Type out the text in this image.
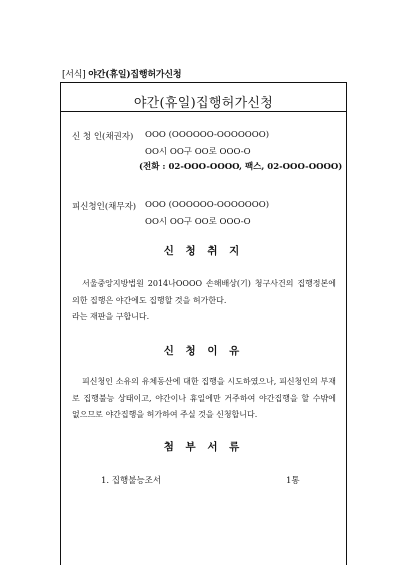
[서식] 야간(휴일)집행허가신청
야간(휴일)집행허가신청
신 청 인(채권자) OOO (OOOOOO-OOOOOOO)
OO시 OO구 OO로 OOO-O
(전화 : 02-OOO-OOOO, 팩스, 02-OOO-OOOO)
피신청인(채무자) OOO (OOOOOO-OOOOOOO)
OO시 OO구 OO로 OOO-O
신 청 취 지
서울중앙지방법원 2014나OOOO 손해배상(기) 청구사건의 집행정본에 의한 집행은 야간에도 집행할 것을 허가한다.
라는 재판을 구합니다.
신 청 이 유
피신청인 소유의 유체동산에 대한 집행을 시도하였으나, 피신청인의 부재로 집행불능 상태이고, 야간이나 휴일에만 거주하여 야간집행을 할 수밖에 없으므로 야간집행을 허가하여 주실 것을 신청합니다.
첨 부 서 류
1. 집행불능조서	1통
